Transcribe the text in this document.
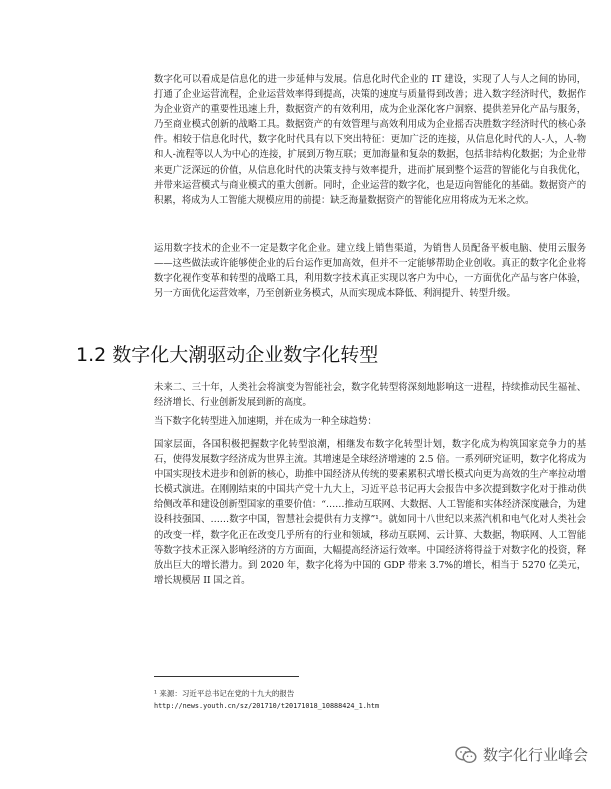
数字化可以看成是信息化的进一步延伸与发展。信息化时代企业的 IT 建设，实现了人与人之间的协同，打通了企业运营流程，企业运营效率得到提高，决策的速度与质量得到改善；进入数字经济时代，数据作为企业资产的重要性迅速上升，数据资产的有效利用，成为企业深化客户洞察、提供差异化产品与服务，乃至商业模式创新的战略工具。数据资产的有效管理与高效利用成为企业摇否决胜数字经济时代的核心条件。相较于信息化时代，数字化时代具有以下突出特征：更加广泛的连接，从信息化时代的人-人，人-物和人-流程等以人为中心的连接，扩展到万物互联；更加海量和复杂的数据，包括非结构化数据；为企业带来更广泛深远的价值，从信息化时代的决策支持与效率提升，进而扩展到整个运营的智能化与自我优化，并带来运营模式与商业模式的重大创新。同时，企业运营的数字化，也是迈向智能化的基础。数据资产的积累，将成为人工智能大规模应用的前提：缺乏海量数据资产的智能化应用将成为无米之炊。

运用数字技术的企业不一定是数字化企业。建立线上销售渠道，为销售人员配备平板电脑、使用云服务——这些做法或许能够使企业的后台运作更加高效，但并不一定能够帮助企业创收。真正的数字化企业将数字化视作变革和转型的战略工具，利用数字技术真正实现以客户为中心，一方面优化产品与客户体验，另一方面优化运营效率，乃至创新业务模式，从而实现成本降低、利润提升、转型升级。

1.2 数字化大潮驱动企业数字化转型

未来二、三十年，人类社会将演变为智能社会，数字化转型将深刻地影响这一进程，持续推动民生福祉、经济增长、行业创新发展到新的高度。

当下数字化转型进入加速期，并在成为一种全球趋势：

国家层面，各国积极把握数字化转型浪潮，相继发布数字化转型计划，数字化成为构筑国家竞争力的基石，使得发展数字经济成为世界主流。其增速是全球经济增速的 2.5 倍。一系列研究证明，数字化将成为中国实现技术进步和创新的核心，助推中国经济从传统的要素累积式增长模式向更为高效的生产率拉动增长模式演进。在刚刚结束的中国共产党十九大上，习近平总书记再大会报告中多次提到数字化对于推动供给侧改革和建设创新型国家的重要价值：“……推动互联网、大数据、人工智能和实体经济深度融合，为建设科技强国、……数字中国，智慧社会提供有力支撑”¹。就如同十八世纪以来蒸汽机和电气化对人类社会的改变一样，数字化正在改变几乎所有的行业和领域，移动互联网、云计算、大数据，物联网、人工智能等数字技术正深入影响经济的方方面面，大幅提高经济运行效率。中国经济将得益于对数字化的投资，释放出巨大的增长潜力。到 2020 年，数字化将为中国的 GDP 带来 3.7%的增长，相当于 5270 亿美元，增长规模居 II 国之首。

¹ 来源：习近平总书记在党的十九大的报告
http://news.youth.cn/sz/201710/t20171018_10888424_1.htm
数字化行业峰会
